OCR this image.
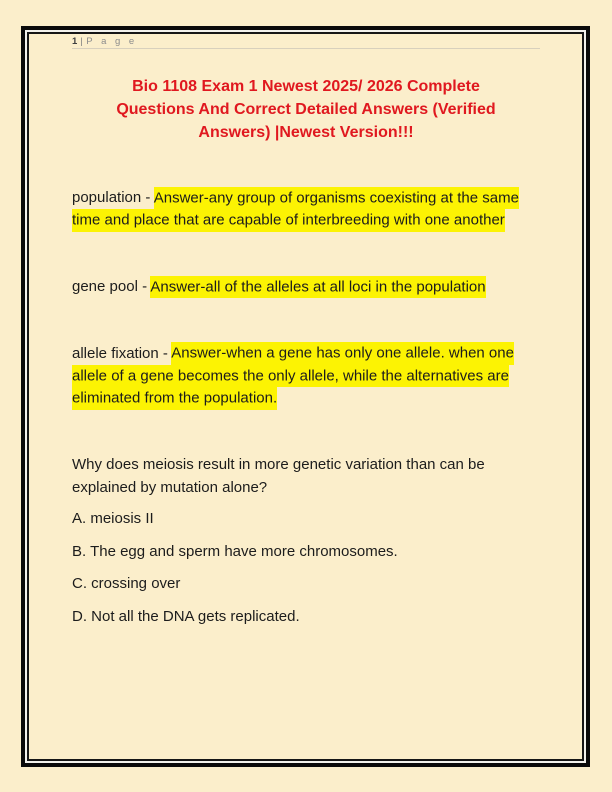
1 | P a g e
Bio 1108 Exam 1 Newest 2025/ 2026 Complete
Questions And Correct Detailed Answers (Verified
Answers) |Newest Version!!!

population - Answer-any group of organisms coexisting at the same time and place that are capable of interbreeding with one another

gene pool - Answer-all of the alleles at all loci in the population

allele fixation - Answer-when a gene has only one allele. when one allele of a gene becomes the only allele, while the alternatives are eliminated from the population.

Why does meiosis result in more genetic variation than can be explained by mutation alone?

A. meiosis II

B. The egg and sperm have more chromosomes.

C. crossing over

D. Not all the DNA gets replicated.
